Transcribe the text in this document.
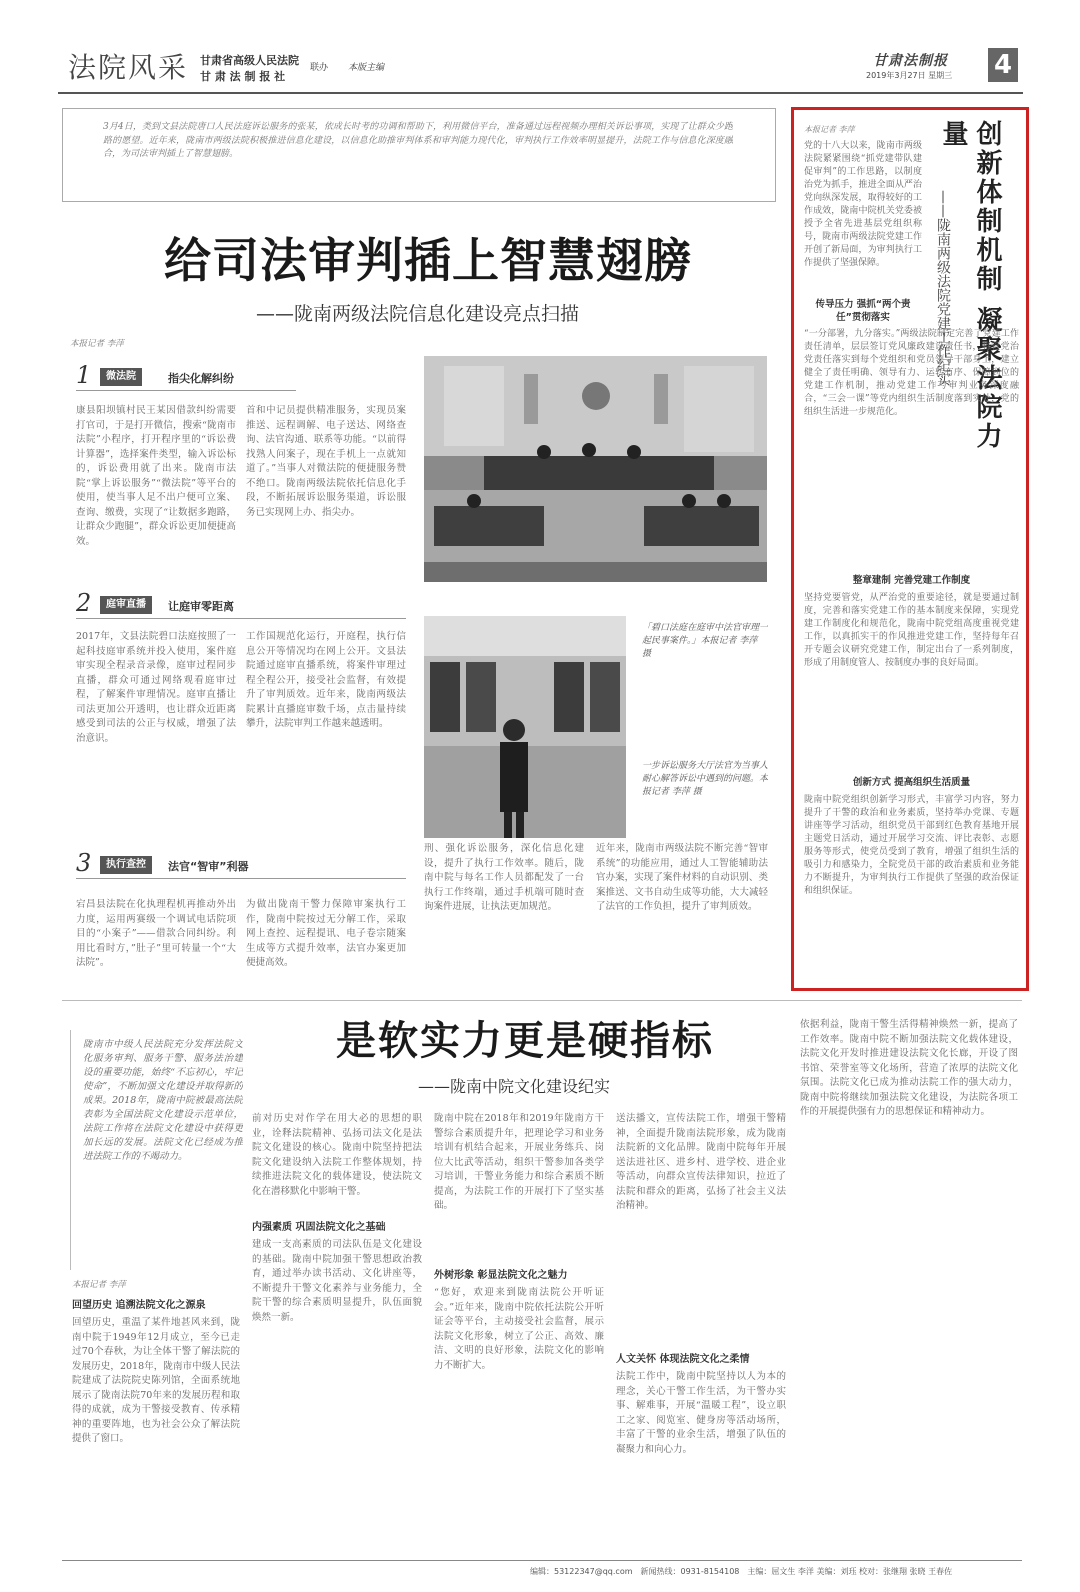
法院风采 甘肃省高级人民法院
甘 肃 法 制 报 社
联办 本版主编	甘肃法制报
2019年3月27日 星期三 4
3月4日，类到文县法院唐口人民法庭诉讼服务的张某，依成长时考的功调和帮助下，利用微信平台，准备通过远程视频办理相关诉讼事项，实现了让群众少跑路的愿望。近年来，陇南市两级法院积极推进信息化建设，以信息化助推审判体系和审判能力现代化，审判执行工作效率明显提升，法院工作与信息化深度融合，为司法审判插上了智慧翅膀。
给司法审判插上智慧翅膀
——陇南两级法院信息化建设亮点扫描
本报记者 李萍
1	微法院	指尖化解纠纷
康县阳坝镇村民王某因借款纠纷需要打官司，于是打开微信，搜索“陇南市法院”小程序，打开程序里的“诉讼费计算器”，选择案件类型，输入诉讼标的，诉讼费用就了出来。陇南市法院“掌上诉讼服务”“微法院”等平台的使用，使当事人足不出户便可立案、查询、缴费，实现了“让数据多跑路，让群众少跑腿”，群众诉讼更加便捷高效。
首和中记员提供精准服务，实现员案推送、远程调解、电子送达、网络查询、法官沟通、联系等功能。“以前得找熟人问案子，现在手机上一点就知道了。”当事人对微法院的便捷服务赞不绝口。陇南两级法院依托信息化手段，不断拓展诉讼服务渠道，诉讼服务已实现网上办、指尖办。
2	庭审直播	让庭审零距离
2017年，文县法院碧口法庭按照了一起科技庭审系统并投入使用，案件庭审实现全程录音录像，庭审过程同步直播，群众可通过网络观看庭审过程，了解案件审理情况。庭审直播让司法更加公开透明，也让群众近距离感受到司法的公正与权威，增强了法治意识。
工作国规范化运行，开庭程，执行信息公开等情况均在网上公开。文县法院通过庭审直播系统，将案件审理过程全程公开，接受社会监督，有效提升了审判质效。近年来，陇南两级法院累计直播庭审数千场，点击量持续攀升，法院审判工作越来越透明。
「碧口法庭在庭审中法官审理一起民事案件。」本报记者 李萍 摄
一步诉讼服务大厅法官为当事人耐心解答诉讼中遇到的问题。本报记者 李萍 摄
3	执行查控	法官“智审”利器
宕昌县法院在化执理程机再推动外出力度，运用两赛级一个调试电话院项目的“小案子”——借款合同纠纷。利用比看时方，”肚子”里可转量一个“大法院”。
为做出陇南干警力保障审案执行工作，陇南中院按过无分解工作，采取网上查控、远程提讯、电子卷宗随案生成等方式提升效率，法官办案更加便捷高效。
刑、强化诉讼服务，深化信息化建设，提升了执行工作效率。随后，陇南中院与每名工作人员都配发了一台执行工作终端，通过手机端可随时查询案件进展，让执法更加规范。
近年来，陇南市两级法院不断完善“智审系统”的功能应用，通过人工智能辅助法官办案，实现了案件材料的自动识别、类案推送、文书自动生成等功能，大大减轻了法官的工作负担，提升了审判质效。
本报记者 李萍	创新体制机制 凝聚法院力量
——陇南两级法院党建工作纪实
党的十八大以来，陇南市两级法院紧紧围绕“抓党建带队建促审判”的工作思路，以制度治党为抓手，推进全面从严治党向纵深发展，取得较好的工作成效，陇南中院机关党委被授予全省先进基层党组织称号，陇南市两级法院党建工作开创了新局面，为审判执行工作提供了坚强保障。
传导压力 强抓“两个责任”贯彻落实
“一分部署，九分落实。”两级法院制定完善了党建工作责任清单，层层签订党风廉政建设责任书，将管党治党责任落实到每个党组织和党员领导干部身上，建立健全了责任明确、领导有力、运转有序、保障到位的党建工作机制，推动党建工作与审判业务深度融合，“三会一课”等党内组织生活制度落到实处，党的组织生活进一步规范化。
整章建制 完善党建工作制度
坚持党要管党，从严治党的重要途径，就是要通过制度，完善和落实党建工作的基本制度来保障，实现党建工作制度化和规范化，陇南中院党组高度重视党建工作，以真抓实干的作风推进党建工作，坚持每年召开专题会议研究党建工作，制定出台了一系列制度，形成了用制度管人、按制度办事的良好局面。
创新方式 提高组织生活质量
陇南中院党组织创新学习形式，丰富学习内容，努力提升了干警的政治和业务素质，坚持举办党课、专题讲座等学习活动，组织党员干部到红色教育基地开展主题党日活动，通过开展学习交流、评比表彰、志愿服务等形式，使党员受到了教育，增强了组织生活的吸引力和感染力，全院党员干部的政治素质和业务能力不断提升，为审判执行工作提供了坚强的政治保证和组织保证。
陇南市中级人民法院充分发挥法院文化服务审判、服务干警、服务法治建设的重要功能，始终“不忘初心，牢记使命”，不断加强文化建设并取得新的成果。2018年，陇南中院被最高法院表彰为全国法院文化建设示范单位，法院工作将在法院文化建设中获得更加长远的发展。法院文化已经成为推进法院工作的不竭动力。
是软实力更是硬指标
——陇南中院文化建设纪实
本报记者 李萍
回望历史 追溯法院文化之源泉
回望历史，重温了某件地甚风来到，陇南中院于1949年12月成立，至今已走过70个春秋，为让全体干警了解法院的发展历史，2018年，陇南市中级人民法院建成了法院院史陈列馆，全面系统地展示了陇南法院70年来的发展历程和取得的成就，成为干警接受教育、传承精神的重要阵地，也为社会公众了解法院提供了窗口。
前对历史对作学在用大必的思想的职业，诠释法院精神、弘扬司法文化是法院文化建设的核心。陇南中院坚持把法院文化建设纳入法院工作整体规划，持续推进法院文化的载体建设，使法院文化在潜移默化中影响干警。
内强素质 巩固法院文化之基础
建成一支高素质的司法队伍是文化建设的基础。陇南中院加强干警思想政治教育，通过举办读书活动、文化讲座等，不断提升干警文化素养与业务能力，全院干警的综合素质明显提升，队伍面貌焕然一新。
陇南中院在2018年和2019年陇南方干警综合素质提升年，把理论学习和业务培训有机结合起来，开展业务练兵、岗位大比武等活动，组织干警参加各类学习培训，干警业务能力和综合素质不断提高，为法院工作的开展打下了坚实基础。
外树形象 彰显法院文化之魅力
“您好，欢迎来到陇南法院公开听证会。”近年来，陇南中院依托法院公开听证会等平台，主动接受社会监督，展示法院文化形象，树立了公正、高效、廉洁、文明的良好形象，法院文化的影响力不断扩大。
送法播文，宣传法院工作，增强干警精神，全面提升陇南法院形象，成为陇南法院新的文化品牌。陇南中院每年开展送法进社区、进乡村、进学校、进企业等活动，向群众宣传法律知识，拉近了法院和群众的距离，弘扬了社会主义法治精神。
人文关怀 体现法院文化之柔情
法院工作中，陇南中院坚持以人为本的理念，关心干警工作生活，为干警办实事、解难事，开展“温暖工程”，设立职工之家、阅览室、健身房等活动场所，丰富了干警的业余生活，增强了队伍的凝聚力和向心力。
依据利益，陇南干警生活得精神焕然一新，提高了工作效率。陇南中院不断加强法院文化载体建设，法院文化开发时推进建设法院文化长廊，开设了图书馆、荣誉室等文化场所，营造了浓厚的法院文化氛围。法院文化已成为推动法院工作的强大动力，陇南中院将继续加强法院文化建设，为法院各项工作的开展提供强有力的思想保证和精神动力。
编辑：53122347@qq.com　新闻热线：0931-8154108　主编：屈文生 李洋 美编：刘珏 校对：张继翔 张晓 王春佐
